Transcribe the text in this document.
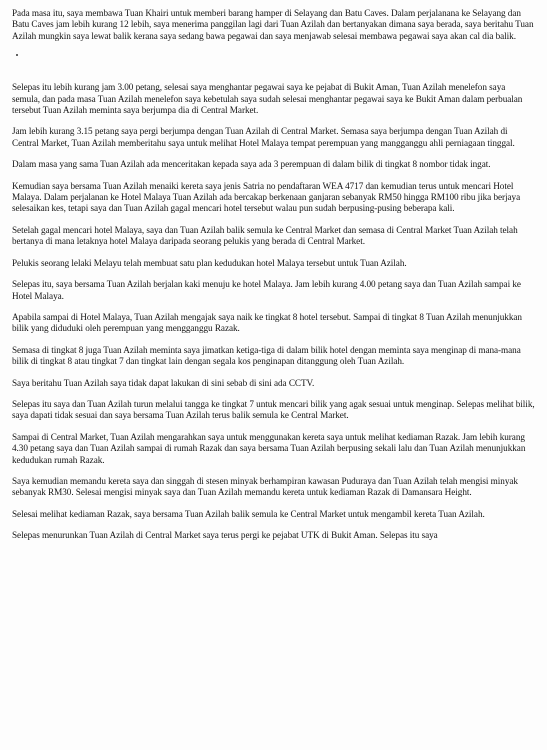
Pada masa itu, saya membawa Tuan Khairi untuk memberi barang hamper di Selayang dan Batu Caves. Dalam perjalanana ke Selayang dan Batu Caves jam lebih kurang 12 lebih, saya menerima panggilan lagi dari Tuan Azilah dan bertanyakan dimana saya berada, saya beritahu Tuan Azilah mungkin saya lewat balik kerana saya sedang bawa pegawai dan saya menjawab selesai membawa pegawai saya akan cal dia balik.

Selepas itu lebih kurang jam 3.00 petang, selesai saya menghantar pegawai saya ke pejabat di Bukit Aman, Tuan Azilah menelefon saya semula, dan pada masa Tuan Azilah menelefon saya kebetulah saya sudah selesai menghantar pegawai saya ke Bukit Aman dalam perbualan tersebut Tuan Azilah meminta saya berjumpa dia di Central Market.

Jam lebih kurang 3.15 petang saya pergi berjumpa dengan Tuan Azilah di Central Market. Semasa saya berjumpa dengan Tuan Azilah di Central Market, Tuan Azilah memberitahu saya untuk melihat Hotel Malaya tempat perempuan yang mangganggu ahli perniagaan tinggal.

Dalam masa yang sama Tuan Azilah ada menceritakan kepada saya ada 3 perempuan di dalam bilik di tingkat 8 nombor tidak ingat.

Kemudian saya bersama Tuan Azilah menaiki kereta saya jenis Satria no pendaftaran WEA 4717 dan kemudian terus untuk mencari Hotel Malaya. Dalam perjalanan ke Hotel Malaya Tuan Azilah ada bercakap berkenaan ganjaran sebanyak RM50 hingga RM100 ribu jika berjaya selesaikan kes, tetapi saya dan Tuan Azilah gagal mencari hotel tersebut walau pun sudah berpusing-pusing beberapa kali.

Setelah gagal mencari hotel Malaya, saya dan Tuan Azilah balik semula ke Central Market dan semasa di Central Market Tuan Azilah telah bertanya di mana letaknya hotel Malaya daripada seorang pelukis yang berada di Central Market.

Pelukis seorang lelaki Melayu telah membuat satu plan kedudukan hotel Malaya tersebut untuk Tuan Azilah.

Selepas itu, saya bersama Tuan Azilah berjalan kaki menuju ke hotel Malaya. Jam lebih kurang 4.00 petang saya dan Tuan Azilah sampai ke Hotel Malaya.

Apabila sampai di Hotel Malaya, Tuan Azilah mengajak saya naik ke tingkat 8 hotel tersebut. Sampai di tingkat 8 Tuan Azilah menunjukkan bilik yang diduduki oleh perempuan yang mengganggu Razak.

Semasa di tingkat 8 juga Tuan Azilah meminta saya jimatkan ketiga-tiga di dalam bilik hotel dengan meminta saya menginap di mana-mana bilik di tingkat 8 atau tingkat 7 dan tingkat lain dengan segala kos penginapan ditanggung oleh Tuan Azilah.

Saya beritahu Tuan Azilah saya tidak dapat lakukan di sini sebab di sini ada CCTV.

Selepas itu saya dan Tuan Azilah turun melalui tangga ke tingkat 7 untuk mencari bilik yang agak sesuai untuk menginap. Selepas melihat bilik, saya dapati tidak sesuai dan saya bersama Tuan Azilah terus balik semula ke Central Market.

Sampai di Central Market, Tuan Azilah mengarahkan saya untuk menggunakan kereta saya untuk melihat kediaman Razak. Jam lebih kurang 4.30 petang saya dan Tuan Azilah sampai di rumah Razak dan saya bersama Tuan Azilah berpusing sekali lalu dan Tuan Azilah menunjukkan kedudukan rumah Razak.

Saya kemudian memandu kereta saya dan singgah di stesen minyak berhampiran kawasan Puduraya dan Tuan Azilah telah mengisi minyak sebanyak RM30. Selesai mengisi minyak saya dan Tuan Azilah memandu kereta untuk kediaman Razak di Damansara Height.

Selesai melihat kediaman Razak, saya bersama Tuan Azilah balik semula ke Central Market untuk mengambil kereta Tuan Azilah.

Selepas menurunkan Tuan Azilah di Central Market saya terus pergi ke pejabat UTK di Bukit Aman. Selepas itu saya
